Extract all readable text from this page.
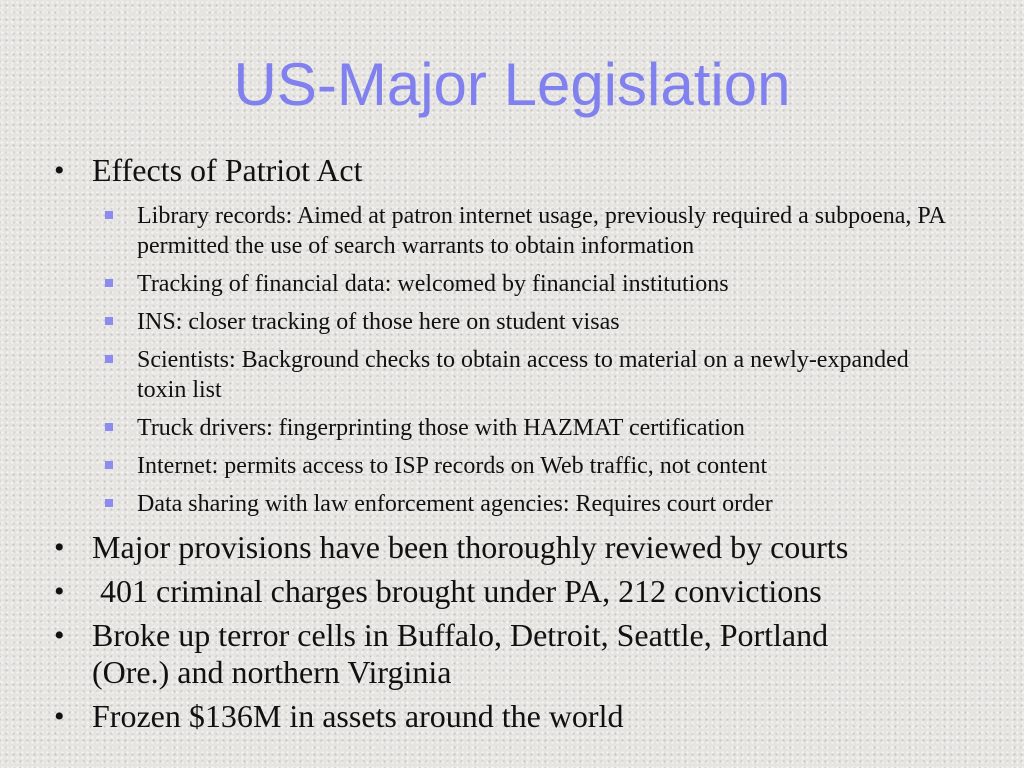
US-Major Legislation
• Effects of Patriot Act
Library records: Aimed at patron internet usage, previously required a subpoena, PA permitted the use of search warrants to obtain information
Tracking of financial data: welcomed by financial institutions
INS: closer tracking of those here on student visas
Scientists: Background checks to obtain access to material on a newly-expanded toxin list
Truck drivers: fingerprinting those with HAZMAT certification
Internet: permits access to ISP records on Web traffic, not content
Data sharing with law enforcement agencies: Requires court order
• Major provisions have been thoroughly reviewed by courts
• 401 criminal charges brought under PA, 212 convictions
• Broke up terror cells in Buffalo, Detroit, Seattle, Portland (Ore.) and northern Virginia
• Frozen $136M in assets around the world
